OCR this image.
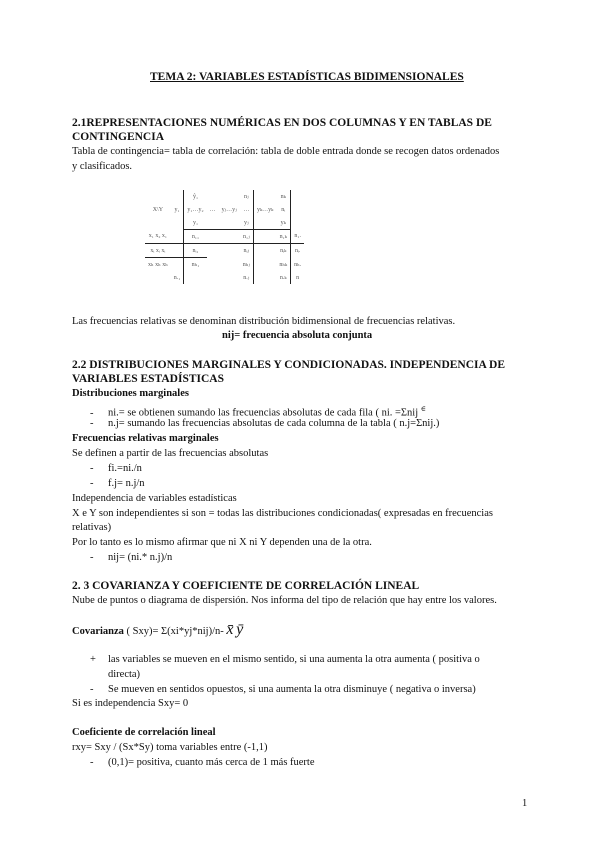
TEMA 2: VARIABLES ESTADÍSTICAS BIDIMENSIONALES
2.1REPRESENTACIONES NUMÉRICAS EN DOS COLUMNAS Y EN TABLAS DE
CONTINGENCIA
Tabla de contingencia= tabla de correlación: tabla de doble entrada donde se recogen datos ordenados
y clasificados.
		ŷ₁			nⱼ		nₖ	
X\Y	y₁	y₁…y₂	…	yⱼ…yⱼ	…	yₖ…yₖ	nᵢ	
		y₁			yⱼ		yₖ	
x₁ x₂ x₁		n₁₁			n₁ⱼ		n₁ₖ	n₁.
xᵢ xᵢ xᵢ		nᵢ₁			nᵢⱼ		nᵢₖ	nᵢ.
xₕ xₕ xₕ		nₕ₁			nₕⱼ		nₕₖ	nₕ.
	n.₁				n.ⱼ		n.ₖ	n
Las frecuencias relativas se denominan distribución bidimensional de frecuencias relativas.
nij= frecuencia absoluta conjunta
2.2 DISTRIBUCIONES MARGINALES Y CONDICIONADAS. INDEPENDENCIA DE
VARIABLES ESTADÍSTICAS
Distribuciones marginales
- ni.= se obtienen sumando las frecuencias absolutas de cada fila ( ni. =Σnij ∈
- n.j= sumando las frecuencias absolutas de cada columna de la tabla ( n.j=Σnij.)
Frecuencias relativas marginales
Se definen a partir de las frecuencias absolutas
- fi.=ni./n
- f.j= n.j/n
Independencia de variables estadísticas
X e Y son independientes si son = todas las distribuciones condicionadas( expresadas en frecuencias
relativas)
Por lo tanto es lo mismo afirmar que ni X ni Y dependen una de la otra.
- nij= (ni.* n.j)/n
2. 3 COVARIANZA Y COEFICIENTE DE CORRELACIÓN LINEAL
Nube de puntos o diagrama de dispersión. Nos informa del tipo de relación que hay entre los valores.
Covarianza ( Sxy)= Σ(xi*yj*nij)/n- x̄ ȳ
+ las variables se mueven en el mismo sentido, si una aumenta la otra aumenta ( positiva o
directa)
- Se mueven en sentidos opuestos, si una aumenta la otra disminuye ( negativa o inversa)
Si es independencia Sxy= 0
Coeficiente de correlación lineal
rxy= Sxy / (Sx*Sy) toma variables entre (-1,1)
- (0,1)= positiva, cuanto más cerca de 1 más fuerte
1
